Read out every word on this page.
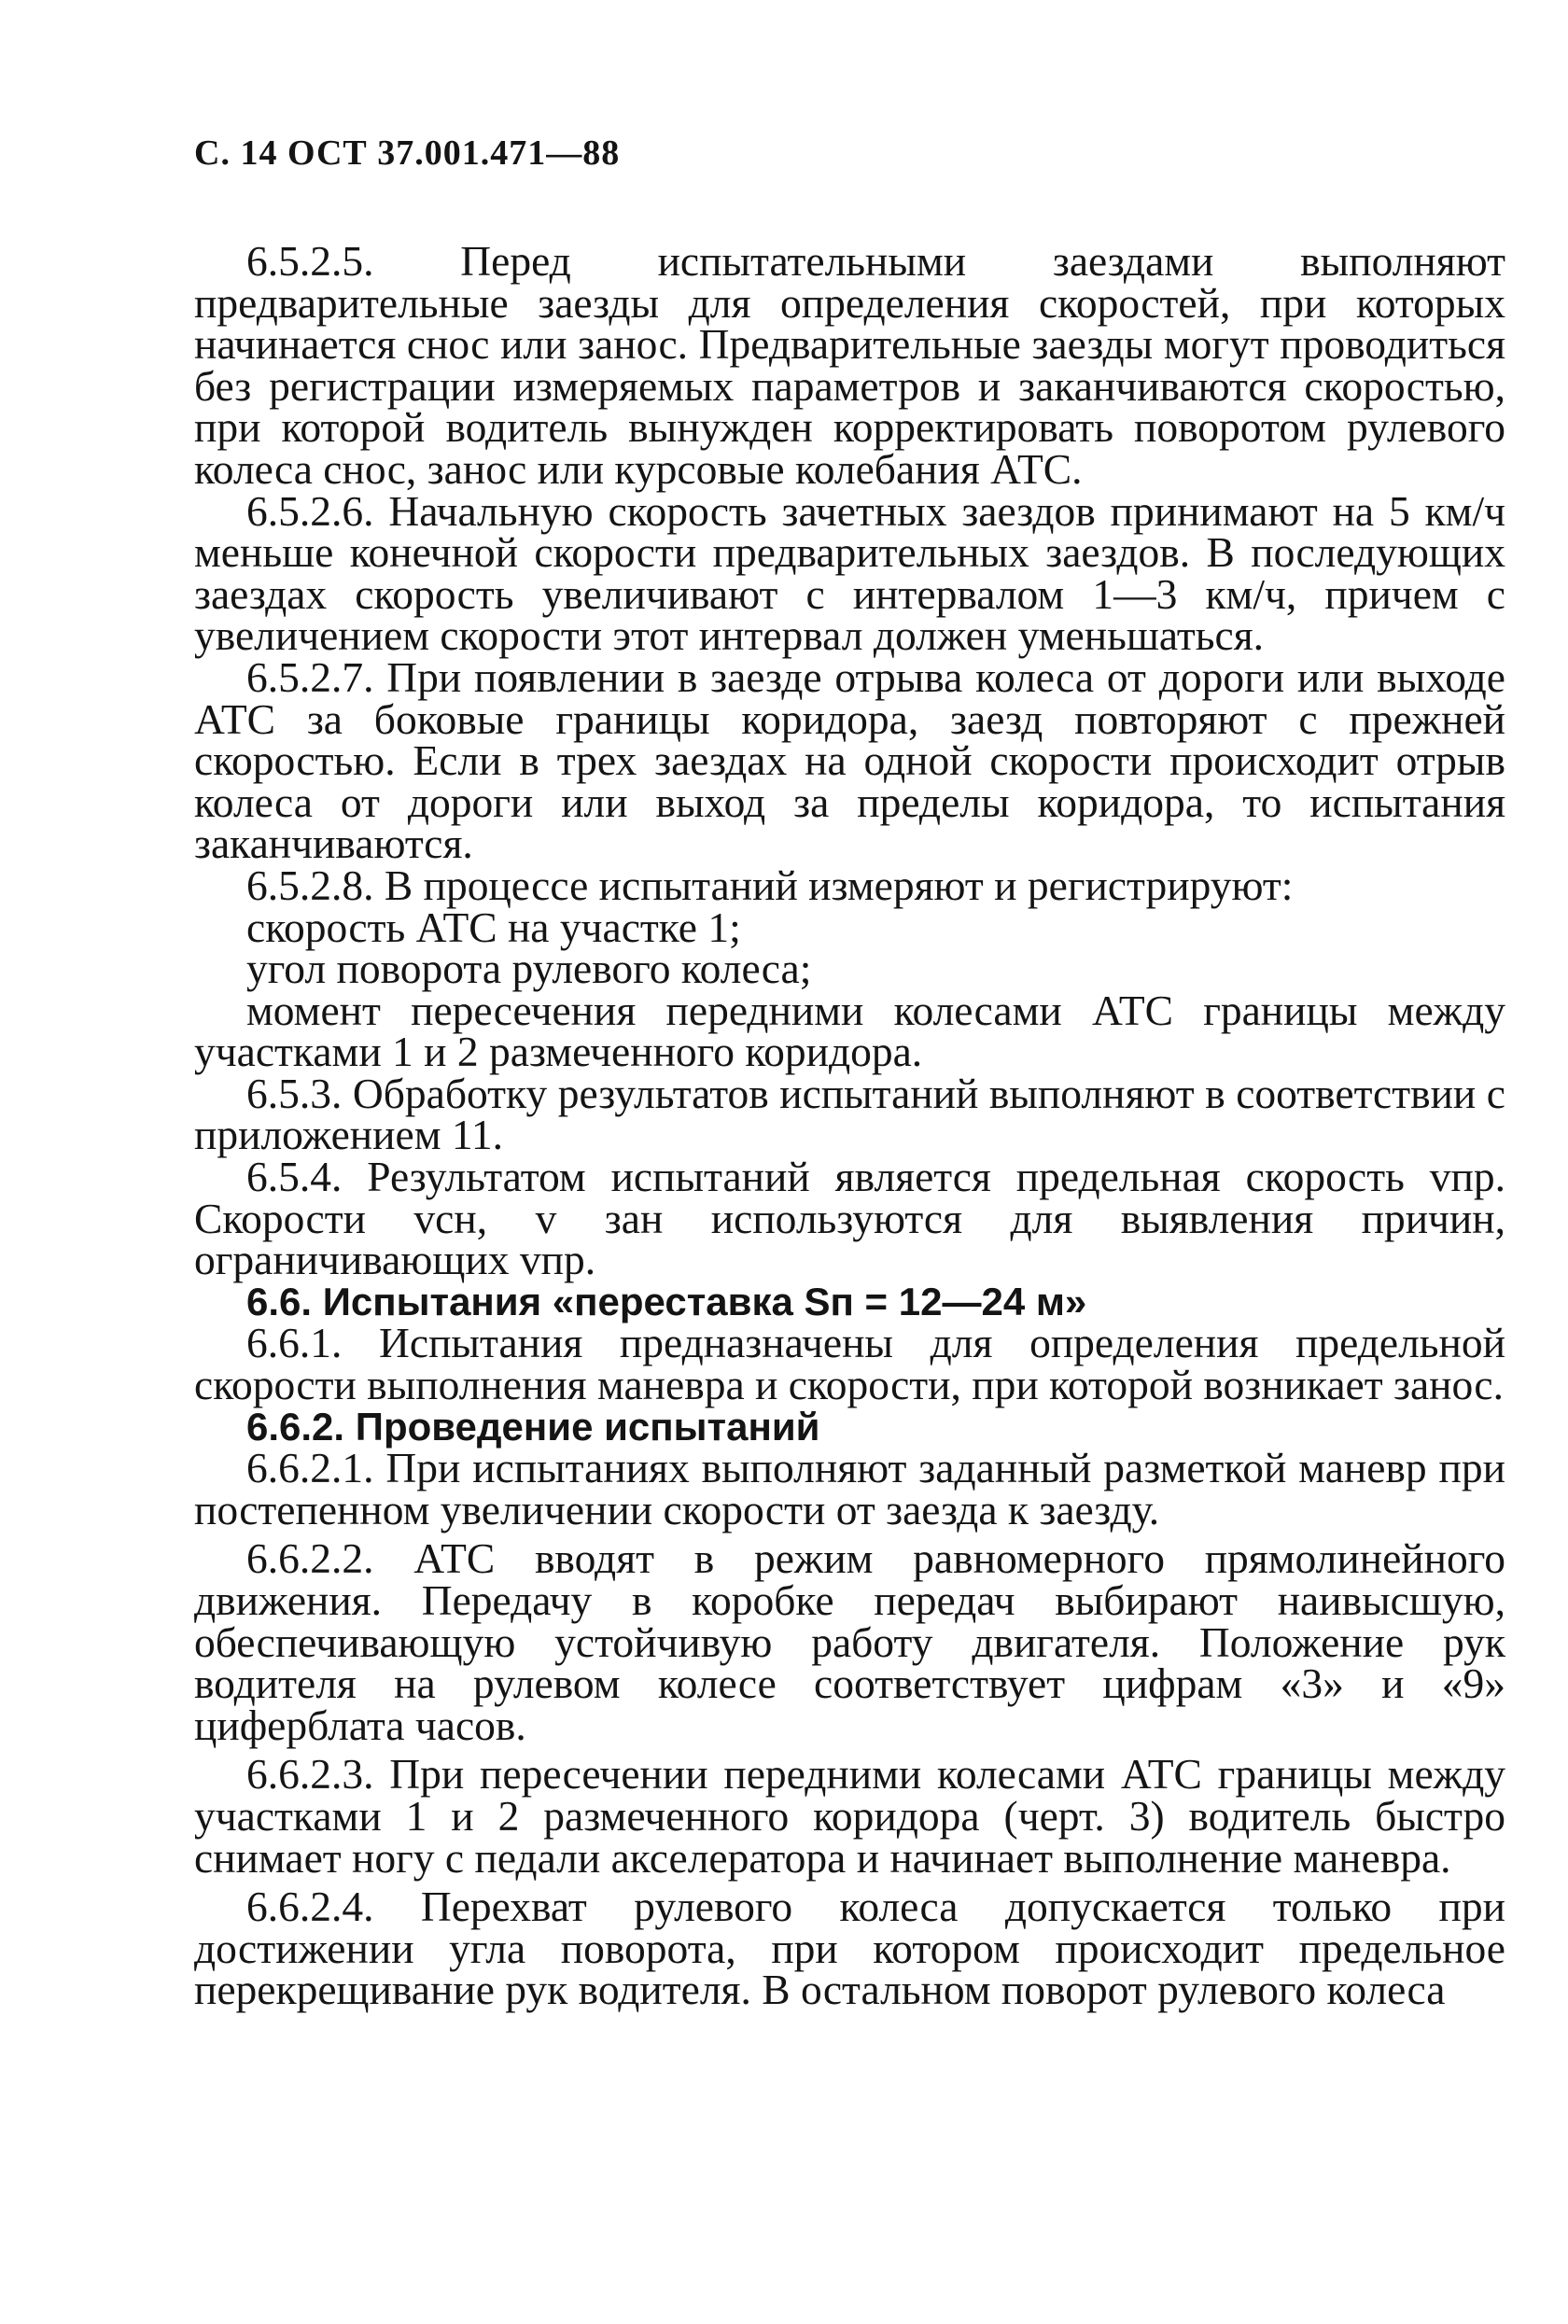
С. 14 ОСТ 37.001.471—88

6.5.2.5. Перед испытательными заездами выполняют предварительные заезды для определения скоростей, при которых начинается снос или занос. Предварительные заезды могут проводиться без регистрации измеряемых параметров и заканчиваются скоростью, при которой водитель вынужден корректировать поворотом рулевого колеса снос, занос или курсовые колебания АТС.

6.5.2.6. Начальную скорость зачетных заездов принимают на 5 км/ч меньше конечной скорости предварительных заездов. В последующих заездах скорость увеличивают с интервалом 1—3 км/ч, причем с увеличением скорости этот интервал должен уменьшаться.

6.5.2.7. При появлении в заезде отрыва колеса от дороги или выходе АТС за боковые границы коридора, заезд повторяют с прежней скоростью. Если в трех заездах на одной скорости происходит отрыв колеса от дороги или выход за пределы коридора, то испытания заканчиваются.

6.5.2.8. В процессе испытаний измеряют и регистрируют:

скорость АТС на участке 1;

угол поворота рулевого колеса;

момент пересечения передними колесами АТС границы между участками 1 и 2 размеченного коридора.

6.5.3. Обработку результатов испытаний выполняют в соответствии с приложением 11.

6.5.4. Результатом испытаний является предельная скорость vпр. Скорости vсн, v зан используются для выявления причин, ограничивающих vпр.

6.6. Испытания «переставка Sп = 12—24 м»

6.6.1. Испытания предназначены для определения предельной скорости выполнения маневра и скорости, при которой возникает занос.

6.6.2. Проведение испытаний

6.6.2.1. При испытаниях выполняют заданный разметкой маневр при постепенном увеличении скорости от заезда к заезду.

6.6.2.2. АТС вводят в режим равномерного прямолинейного движения. Передачу в коробке передач выбирают наивысшую, обеспечивающую устойчивую работу двигателя. Положение рук водителя на рулевом колесе соответствует цифрам «3» и «9» циферблата часов.

6.6.2.3. При пересечении передними колесами АТС границы между участками 1 и 2 размеченного коридора (черт. 3) водитель быстро снимает ногу с педали акселератора и начинает выполнение маневра.

6.6.2.4. Перехват рулевого колеса допускается только при достижении угла поворота, при котором происходит предельное перекрещивание рук водителя. В остальном поворот рулевого колеса
